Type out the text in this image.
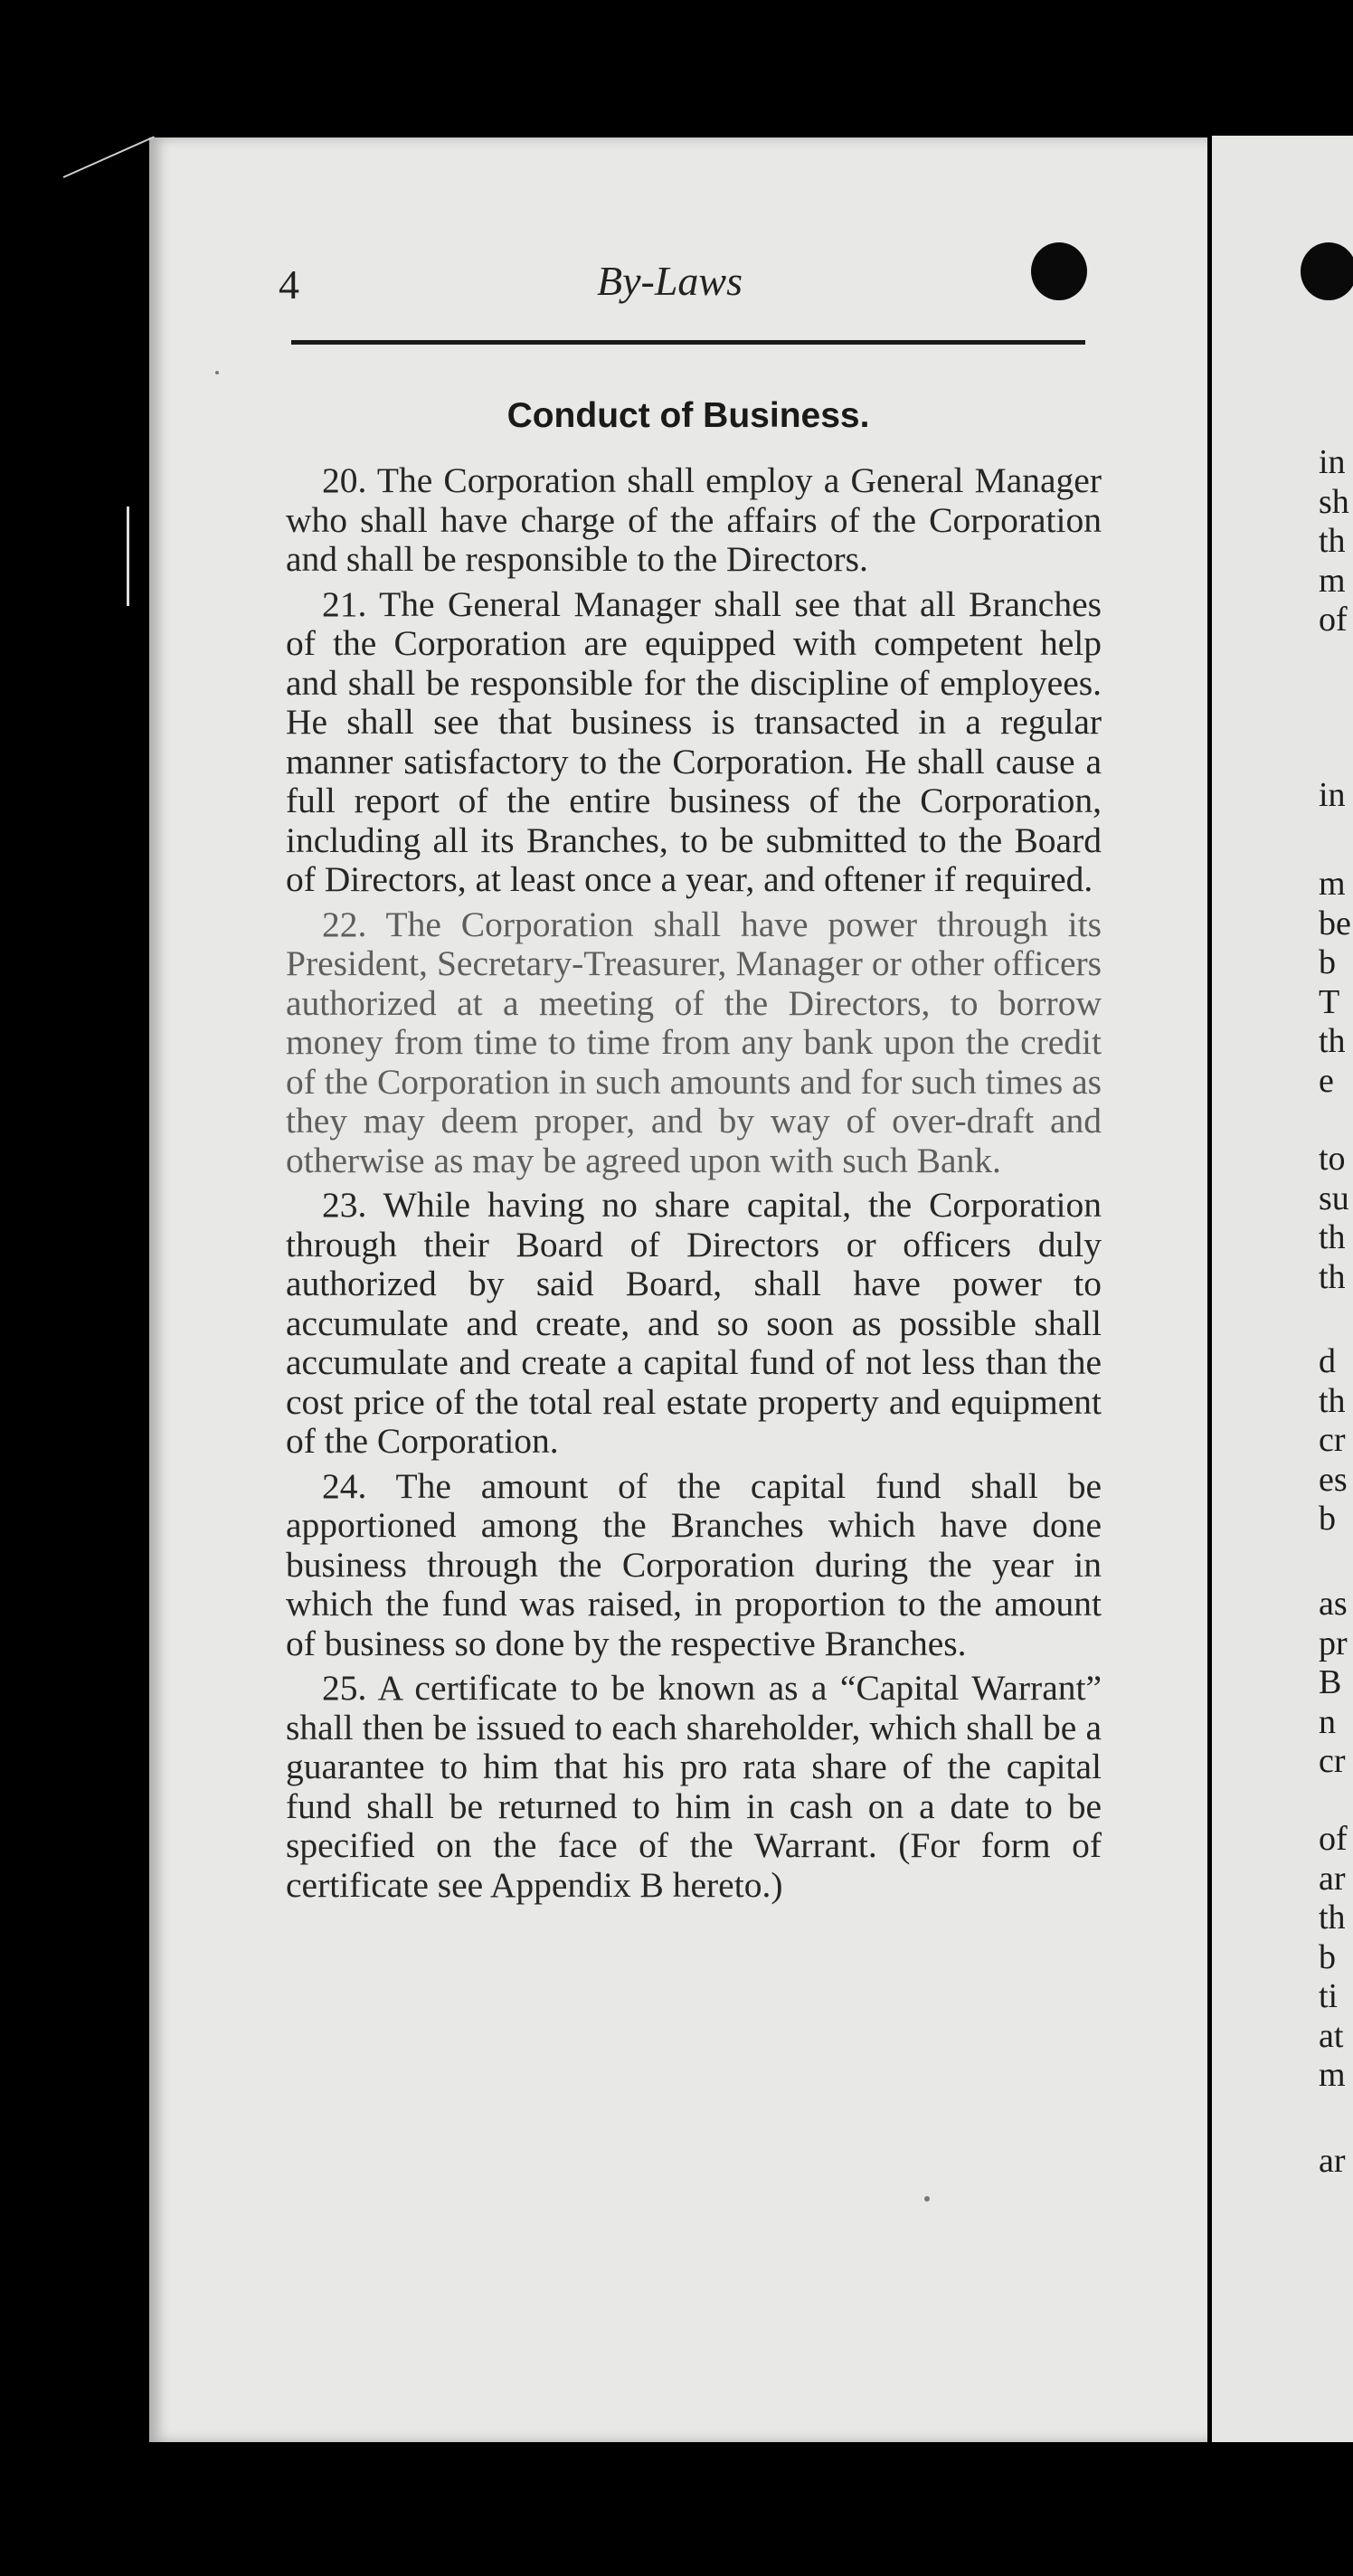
4	By-Laws
Conduct of Business.

20. The Corporation shall employ a General Manager who shall have charge of the affairs of the Corporation and shall be responsible to the Directors.

21. The General Manager shall see that all Branches of the Corporation are equipped with competent help and shall be responsible for the discipline of employees. He shall see that business is transacted in a regular manner satisfactory to the Corporation. He shall cause a full report of the entire business of the Corporation, including all its Branches, to be submitted to the Board of Directors, at least once a year, and oftener if required.

22. The Corporation shall have power through its President, Secretary-Treasurer, Manager or other officers authorized at a meeting of the Directors, to borrow money from time to time from any bank upon the credit of the Corporation in such amounts and for such times as they may deem proper, and by way of over-draft and otherwise as may be agreed upon with such Bank.

23. While having no share capital, the Corporation through their Board of Directors or officers duly authorized by said Board, shall have power to accumulate and create, and so soon as possible shall accumulate and create a capital fund of not less than the cost price of the total real estate property and equipment of the Corporation.

24. The amount of the capital fund shall be apportioned among the Branches which have done business through the Corporation during the year in which the fund was raised, in proportion to the amount of business so done by the respective Branches.

25. A certificate to be known as a “Capital Warrant” shall then be issued to each shareholder, which shall be a guarantee to him that his pro rata share of the capital fund shall be returned to him in cash on a date to be specified on the face of the Warrant. (For form of certificate see Appendix B hereto.)

in
sh
th
m
of
in
m
be
b
T
th
e
to
su
th
th
d
th
cr
es
b
as
pr
B
n
cr
of
ar
th
b
ti
at
m
ar
